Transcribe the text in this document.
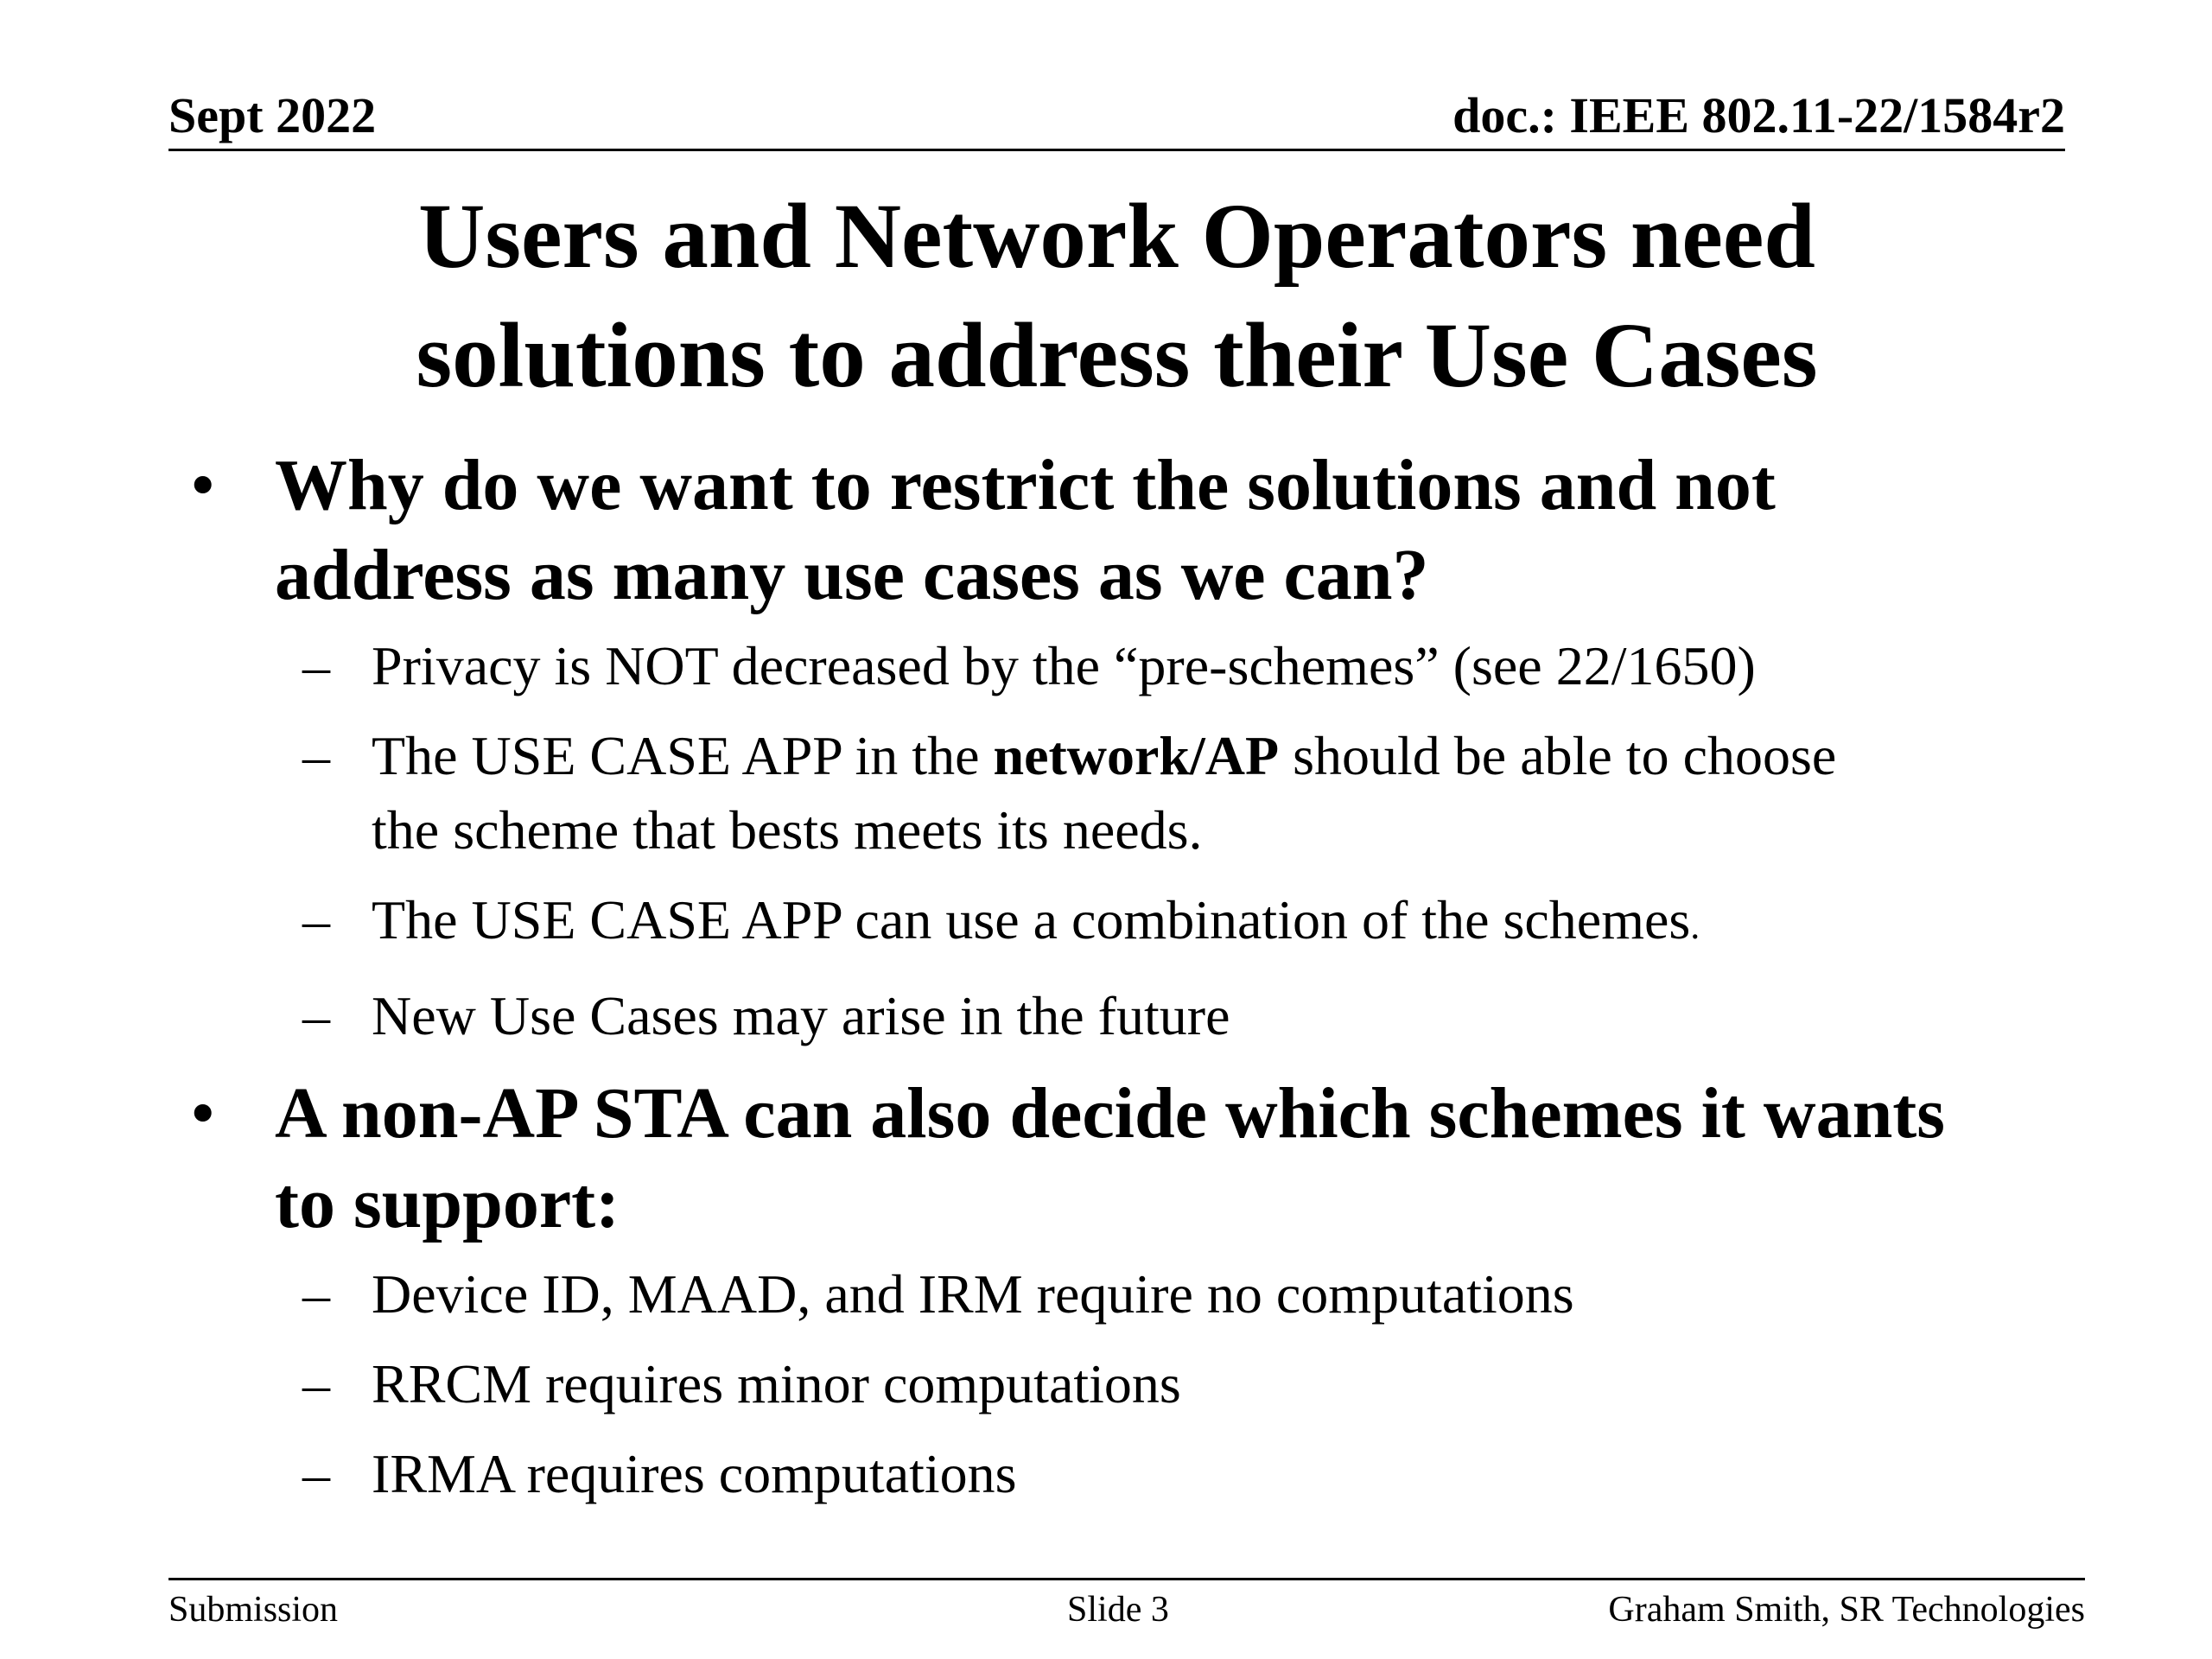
Sept 2022	doc.: IEEE 802.11-22/1584r2
Users and Network Operators need
solutions to address their Use Cases
• Why do we want to restrict the solutions and not
address as many use cases as we can?
– Privacy is NOT decreased by the “pre-schemes” (see 22/1650)
– The USE CASE APP in the network/AP should be able to choose
the scheme that bests meets its needs.
– The USE CASE APP can use a combination of the schemes.
– New Use Cases may arise in the future
• A non-AP STA can also decide which schemes it wants
to support:
– Device ID, MAAD, and IRM require no computations
– RRCM requires minor computations
– IRMA requires computations
Submission	Slide 3	Graham Smith, SR Technologies
